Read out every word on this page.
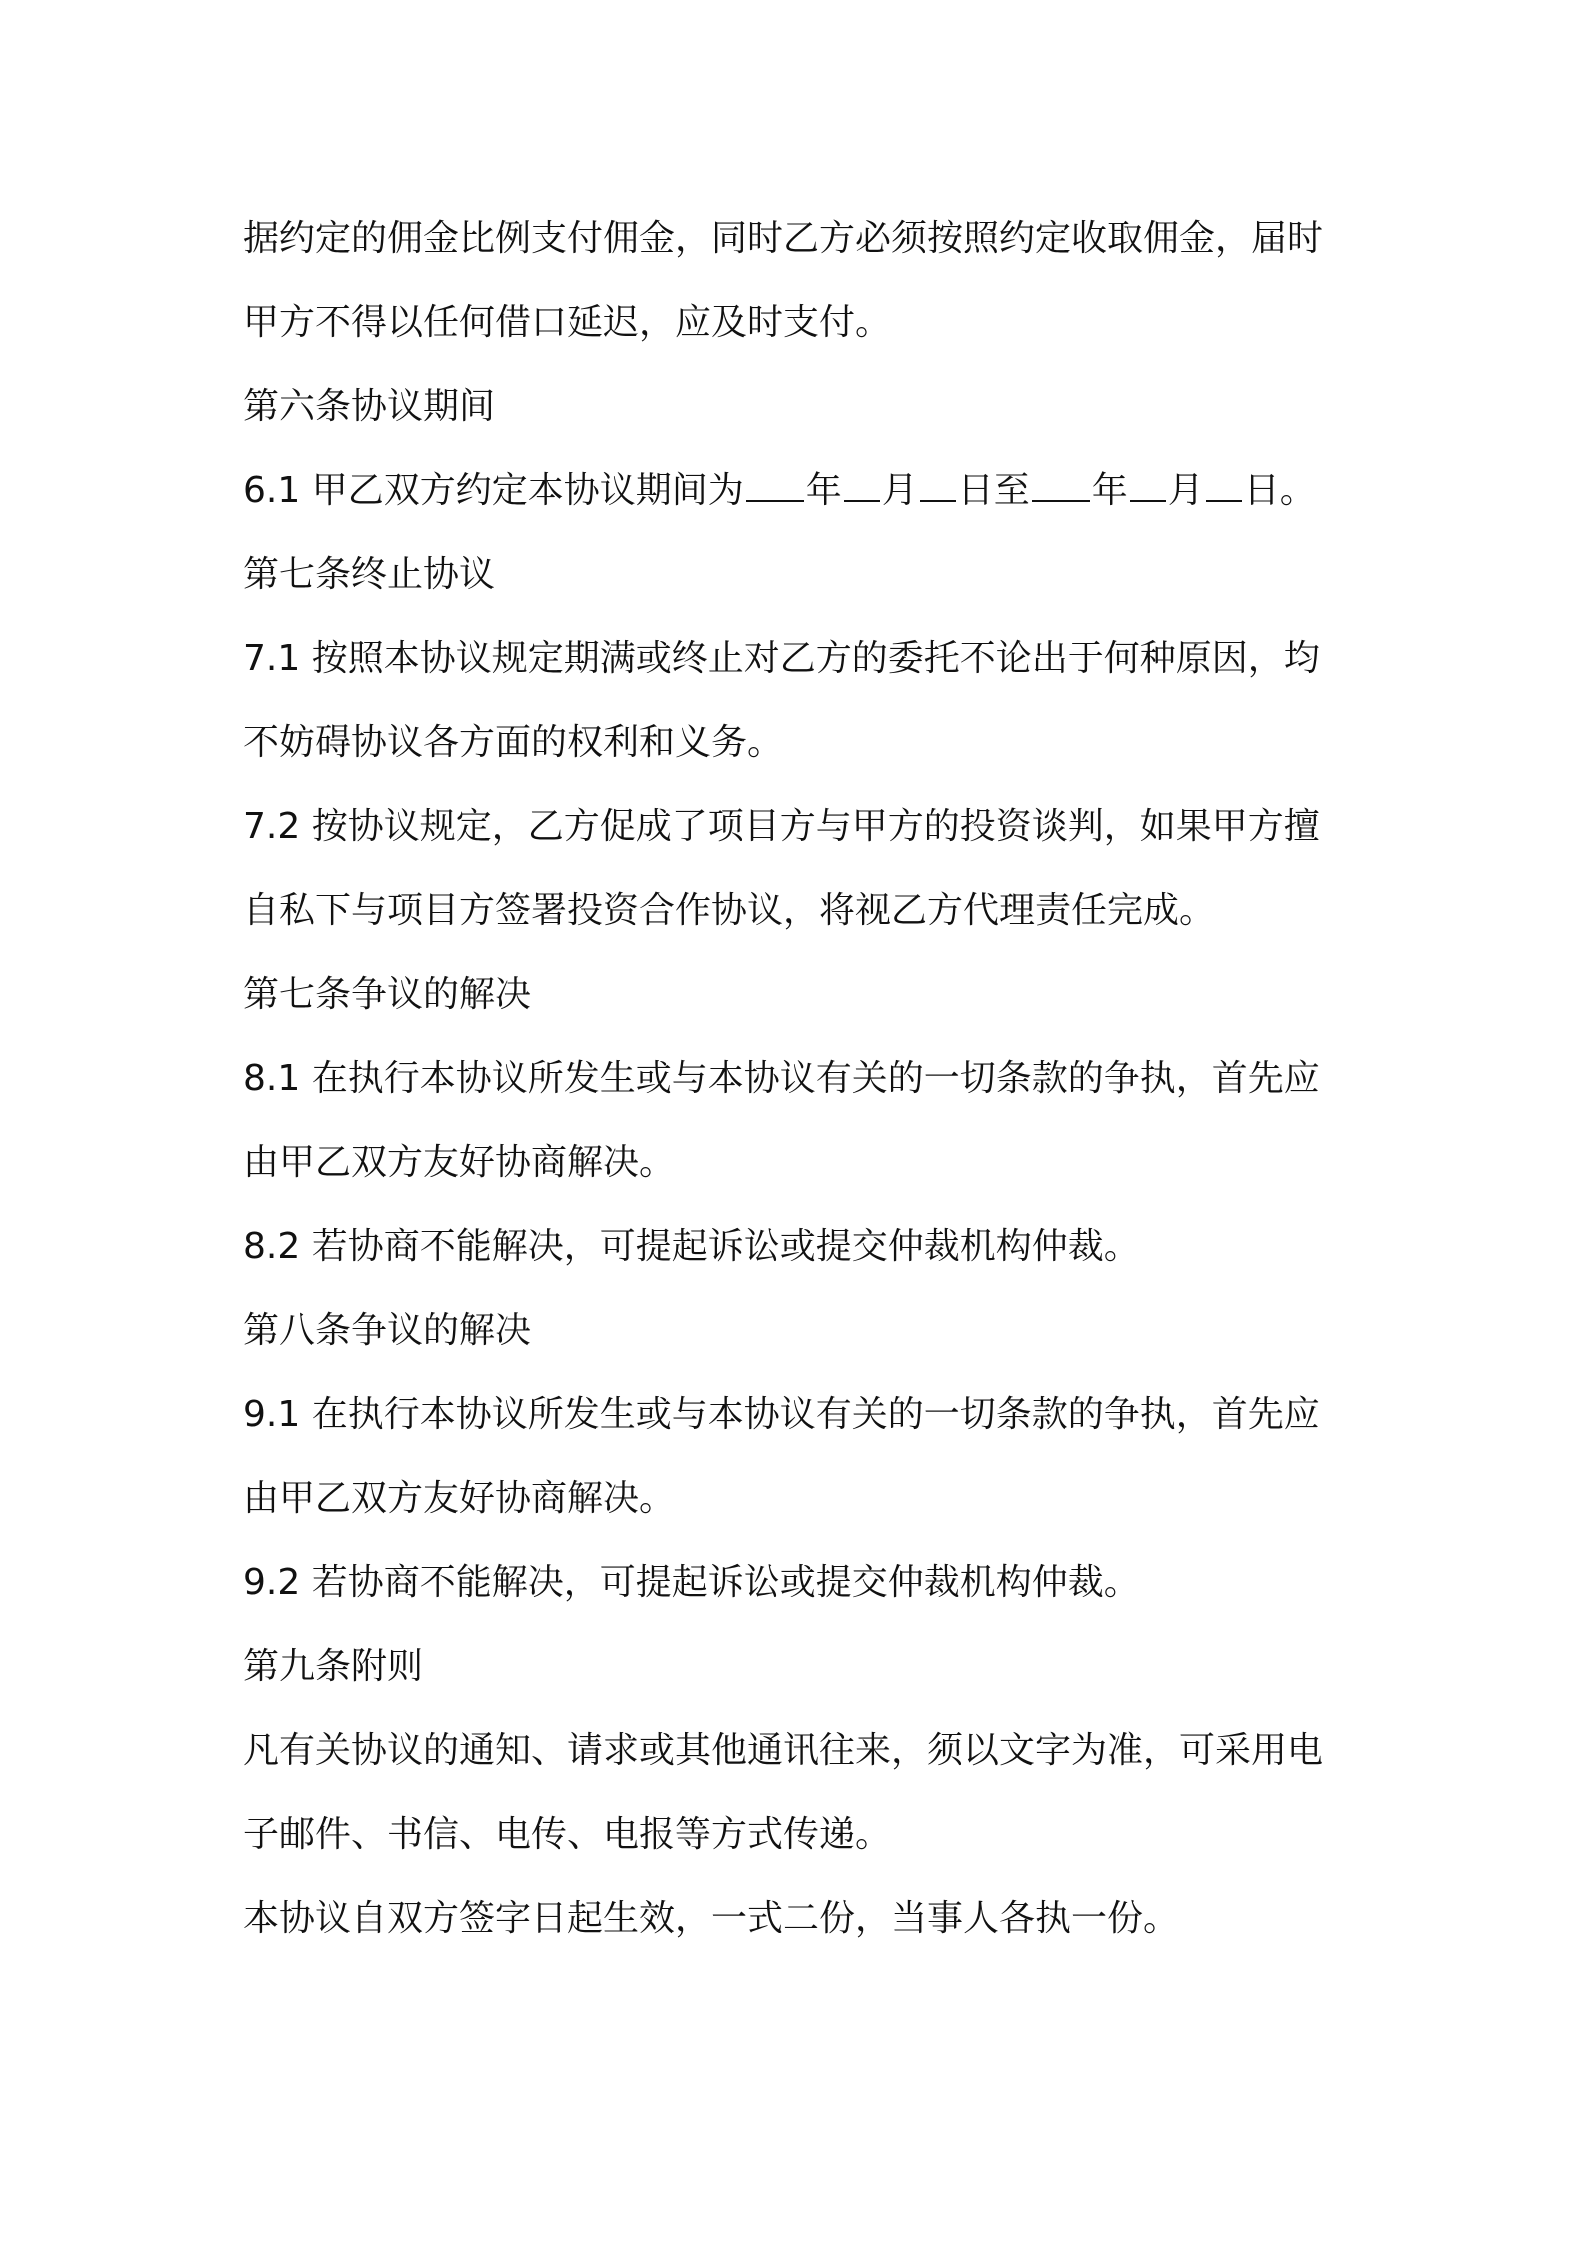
据约定的佣金比例支付佣金，同时乙方必须按照约定收取佣金，届时
甲方不得以任何借口延迟，应及时支付。
第六条协议期间
6.1 甲乙双方约定本协议期间为 年 月 日至 年 月 日。
第七条终止协议
7.1 按照本协议规定期满或终止对乙方的委托不论出于何种原因，均
不妨碍协议各方面的权利和义务。
7.2 按协议规定，乙方促成了项目方与甲方的投资谈判，如果甲方擅
自私下与项目方签署投资合作协议，将视乙方代理责任完成。
第七条争议的解决
8.1 在执行本协议所发生或与本协议有关的一切条款的争执，首先应
由甲乙双方友好协商解决。
8.2 若协商不能解决，可提起诉讼或提交仲裁机构仲裁。
第八条争议的解决
9.1 在执行本协议所发生或与本协议有关的一切条款的争执，首先应
由甲乙双方友好协商解决。
9.2 若协商不能解决，可提起诉讼或提交仲裁机构仲裁。
第九条附则
凡有关协议的通知、请求或其他通讯往来，须以文字为准，可采用电
子邮件、书信、电传、电报等方式传递。
本协议自双方签字日起生效，一式二份，当事人各执一份。
